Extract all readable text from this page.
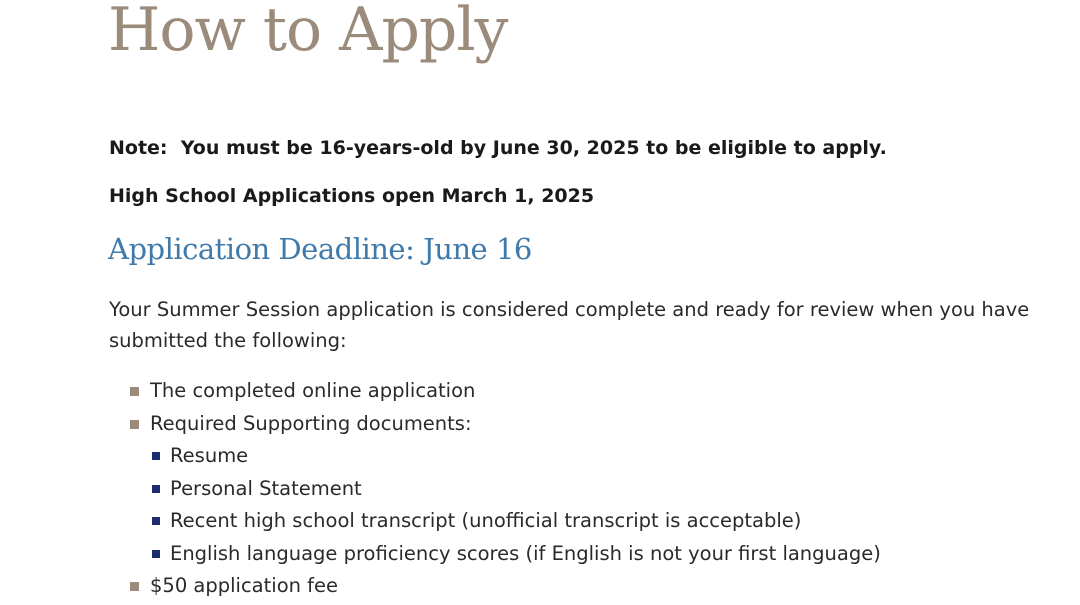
How to Apply

Note:  You must be 16-years-old by June 30, 2025 to be eligible to apply.

High School Applications open March 1, 2025

Application Deadline: June 16

Your Summer Session application is considered complete and ready for review when you have submitted the following:

The completed online application
Required Supporting documents:
Resume
Personal Statement
Recent high school transcript (unofficial transcript is acceptable)
English language proficiency scores (if English is not your first language)
$50 application fee
